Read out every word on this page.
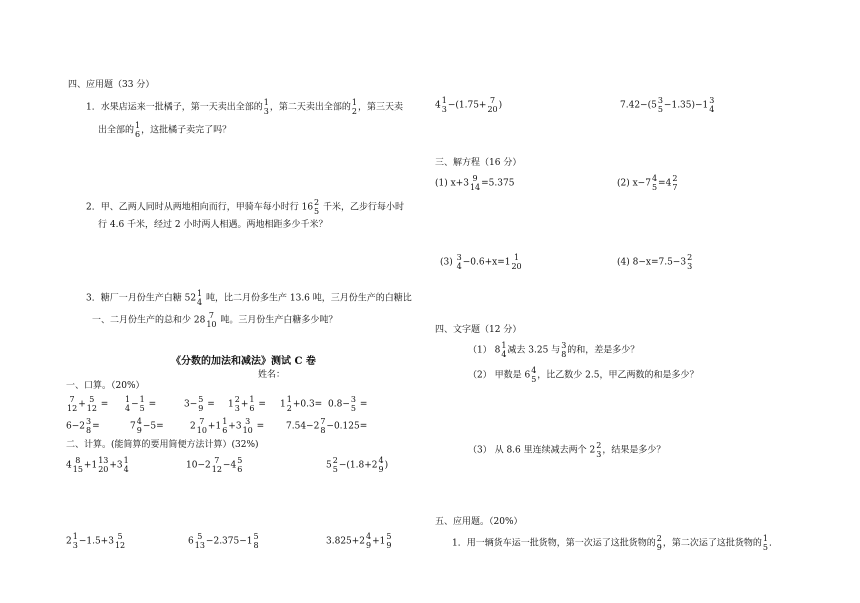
四、应用题（33 分）
1．水果店运来一批橘子，第一天卖出全部的 1
3 ，第二天卖出全部的 1
2 ，第三天卖
出全部的 1
6 ，这批橘子卖完了吗？
2．甲、乙两人同时从两地相向而行，甲骑车每小时行 16 2
5 千米，乙步行每小时
行 4.6 千米，经过 2 小时两人相遇。两地相距多少千米？
3．糖厂一月份生产白糖 52 1
4 吨，比二月份多生产 13.6 吨，三月份生产的白糖比
一、二月份生产的总和少 28 7
10 吨。三月份生产白糖多少吨？
《分数的加法和减法》测试 C 卷
姓名：
一、口算。（20%）
7
12 + 5
12 = 1
4 − 1
5 =	3− 5
9 = 1 2
3 + 1
6 = 1 1
2 +0.3= 0.8− 3
5 =
6−2 3
8 =	7 4
9 −5=	2 7
10 +1 1
6 +3 3
10 = 7.54−2 7
8 −0.125=
二、计算。(能简算的要用简便方法计算）(32%)
4 8
15 +1 13
20 +3 1
4	10−2 7
12 −4 5
6	5 2
5 −(1.8+2 4
9 )
2 1
3 −1.5+3 5
12	6 5
13 −2.375−1 5
8	3.825+2 4
9 +1 5
9
4 1
3 −(1.75+ 7
20 )	7.42−(5 3
5 −1.35)−1 3
4
三、解方程（16 分）
(1) x+3 9
14 =5.375	(2) x−7 4
5 =4 2
7
(3) 3
4 −0.6+x=1 1
20	(4) 8−x=7.5−3 2
3
四、文字题（12 分）
（1） 8 1
4 减去 3.25 与 3
8 的和，差是多少？
（2） 甲数是 6 4
5 ，比乙数少 2.5，甲乙两数的和是多少？
（3） 从 8.6 里连续减去两个 2 2
3 ，结果是多少？
五、应用题。（20%）
1．用一辆货车运一批货物，第一次运了这批货物的 2
9 ，第二次运了这批货物的 1
5 ．
